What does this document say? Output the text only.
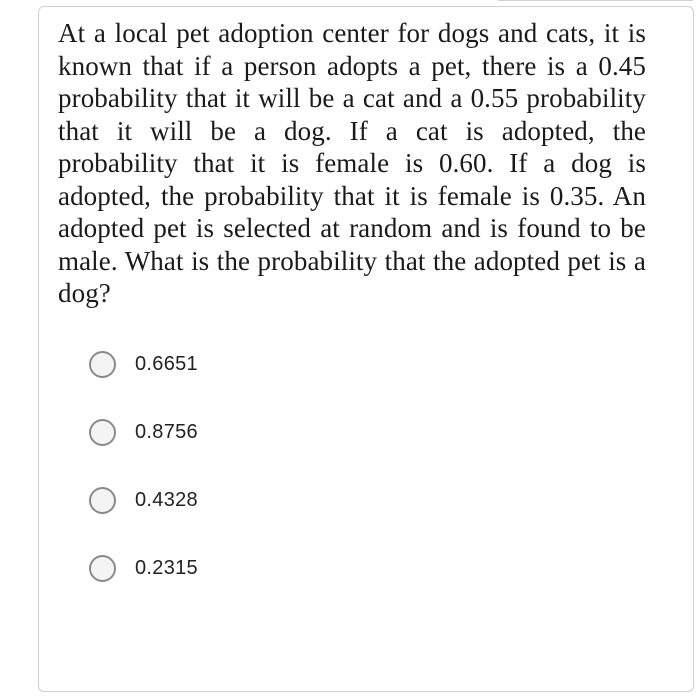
At a local pet adoption center for dogs and cats, it is known that if a person adopts a pet, there is a 0.45 probability that it will be a cat and a 0.55 probability that it will be a dog. If a cat is adopted, the probability that it is female is 0.60. If a dog is adopted, the probability that it is female is 0.35. An adopted pet is selected at random and is found to be male. What is the probability that the adopted pet is a dog?

0.6651
0.8756
0.4328
0.2315
